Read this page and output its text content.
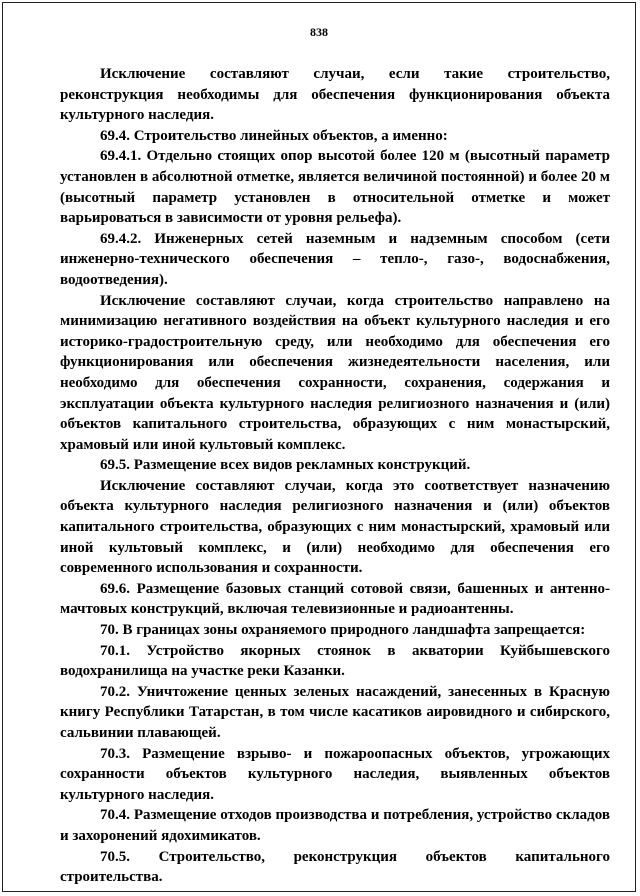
838

Исключение составляют случаи, если такие строительство, реконструкция необходимы для обеспечения функционирования объекта культурного наследия.

69.4. Строительство линейных объектов, а именно:

69.4.1. Отдельно стоящих опор высотой более 120 м (высотный параметр установлен в абсолютной отметке, является величиной постоянной) и более 20 м (высотный параметр установлен в относительной отметке и может варьироваться в зависимости от уровня рельефа).

69.4.2. Инженерных сетей наземным и надземным способом (сети инженерно-технического обеспечения – тепло-, газо-, водоснабжения, водоотведения).

Исключение составляют случаи, когда строительство направлено на минимизацию негативного воздействия на объект культурного наследия и его историко-градостроительную среду, или необходимо для обеспечения его функционирования или обеспечения жизнедеятельности населения, или необходимо для обеспечения сохранности, сохранения, содержания и эксплуатации объекта культурного наследия религиозного назначения и (или) объектов капитального строительства, образующих с ним монастырский, храмовый или иной культовый комплекс.

69.5. Размещение всех видов рекламных конструкций.

Исключение составляют случаи, когда это соответствует назначению объекта культурного наследия религиозного назначения и (или) объектов капитального строительства, образующих с ним монастырский, храмовый или иной культовый комплекс, и (или) необходимо для обеспечения его современного использования и сохранности.

69.6. Размещение базовых станций сотовой связи, башенных и антенно-мачтовых конструкций, включая телевизионные и радиоантенны.

70. В границах зоны охраняемого природного ландшафта запрещается:

70.1. Устройство якорных стоянок в акватории Куйбышевского водохранилища на участке реки Казанки.

70.2. Уничтожение ценных зеленых насаждений, занесенных в Красную книгу Республики Татарстан, в том числе касатиков аировидного и сибирского, сальвинии плавающей.

70.3. Размещение взрыво- и пожароопасных объектов, угрожающих сохранности объектов культурного наследия, выявленных объектов культурного наследия.

70.4. Размещение отходов производства и потребления, устройство складов и захоронений ядохимикатов.

70.5. Строительство, реконструкция объектов капитального строительства.
